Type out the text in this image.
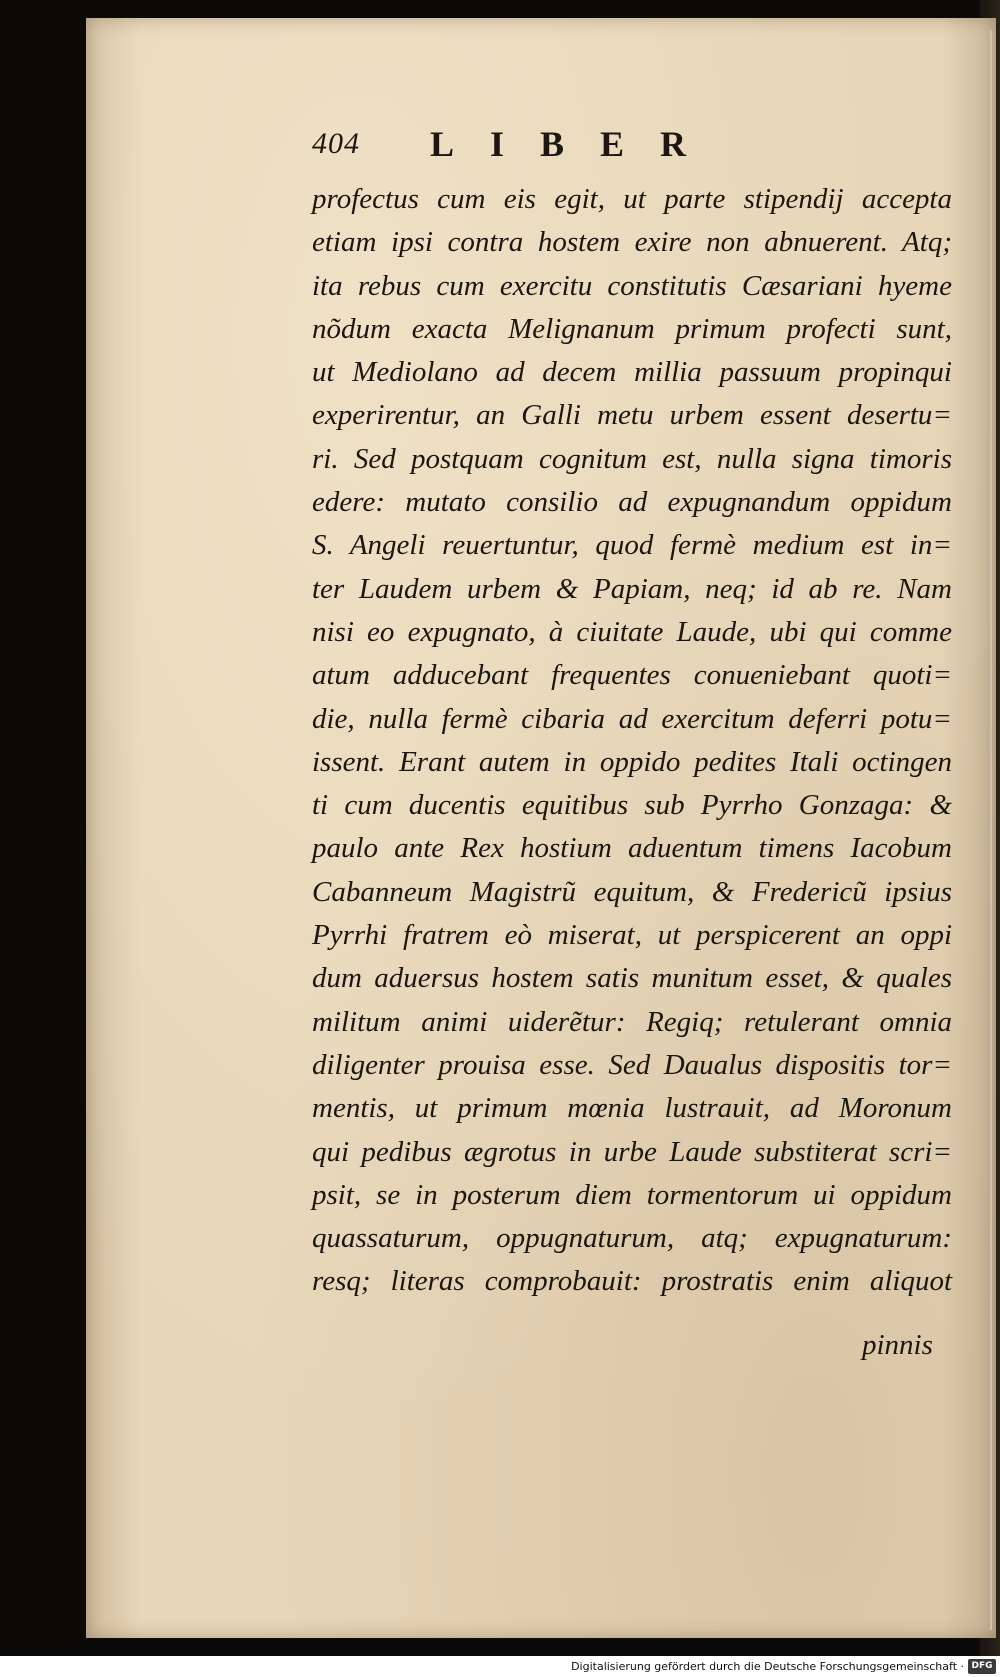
404 LIBER
profectus cum eis egit, ut parte stipendij accepta
etiam ipsi contra hostem exire non abnuerent. Atq;
ita rebus cum exercitu constitutis Cæsariani hyeme
nõdum exacta Melignanum primum profecti sunt,
ut Mediolano ad decem millia passuum propinqui
experirentur, an Galli metu urbem essent desertu=
ri. Sed postquam cognitum est, nulla signa timoris
edere: mutato consilio ad expugnandum oppidum
S. Angeli reuertuntur, quod fermè medium est in=
ter Laudem urbem & Papiam, neq; id ab re. Nam
nisi eo expugnato, à ciuitate Laude, ubi qui comme
atum adducebant frequentes conueniebant quoti=
die, nulla fermè cibaria ad exercitum deferri potu=
issent. Erant autem in oppido pedites Itali octingen
ti cum ducentis equitibus sub Pyrrho Gonzaga: &
paulo ante Rex hostium aduentum timens Iacobum
Cabanneum Magistrũ equitum, & Fredericũ ipsius
Pyrrhi fratrem eò miserat, ut perspicerent an oppi
dum aduersus hostem satis munitum esset, & quales
militum animi uiderẽtur: Regiq; retulerant omnia
diligenter prouisa esse. Sed Daualus dispositis tor=
mentis, ut primum mœnia lustrauit, ad Moronum
qui pedibus ægrotus in urbe Laude substiterat scri=
psit, se in posterum diem tormentorum ui oppidum
quassaturum, oppugnaturum, atq; expugnaturum:
resq; literas comprobauit: prostratis enim aliquot
pinnis
Digitalisierung gefördert durch die Deutsche Forschungsgemeinschaft · DFG
